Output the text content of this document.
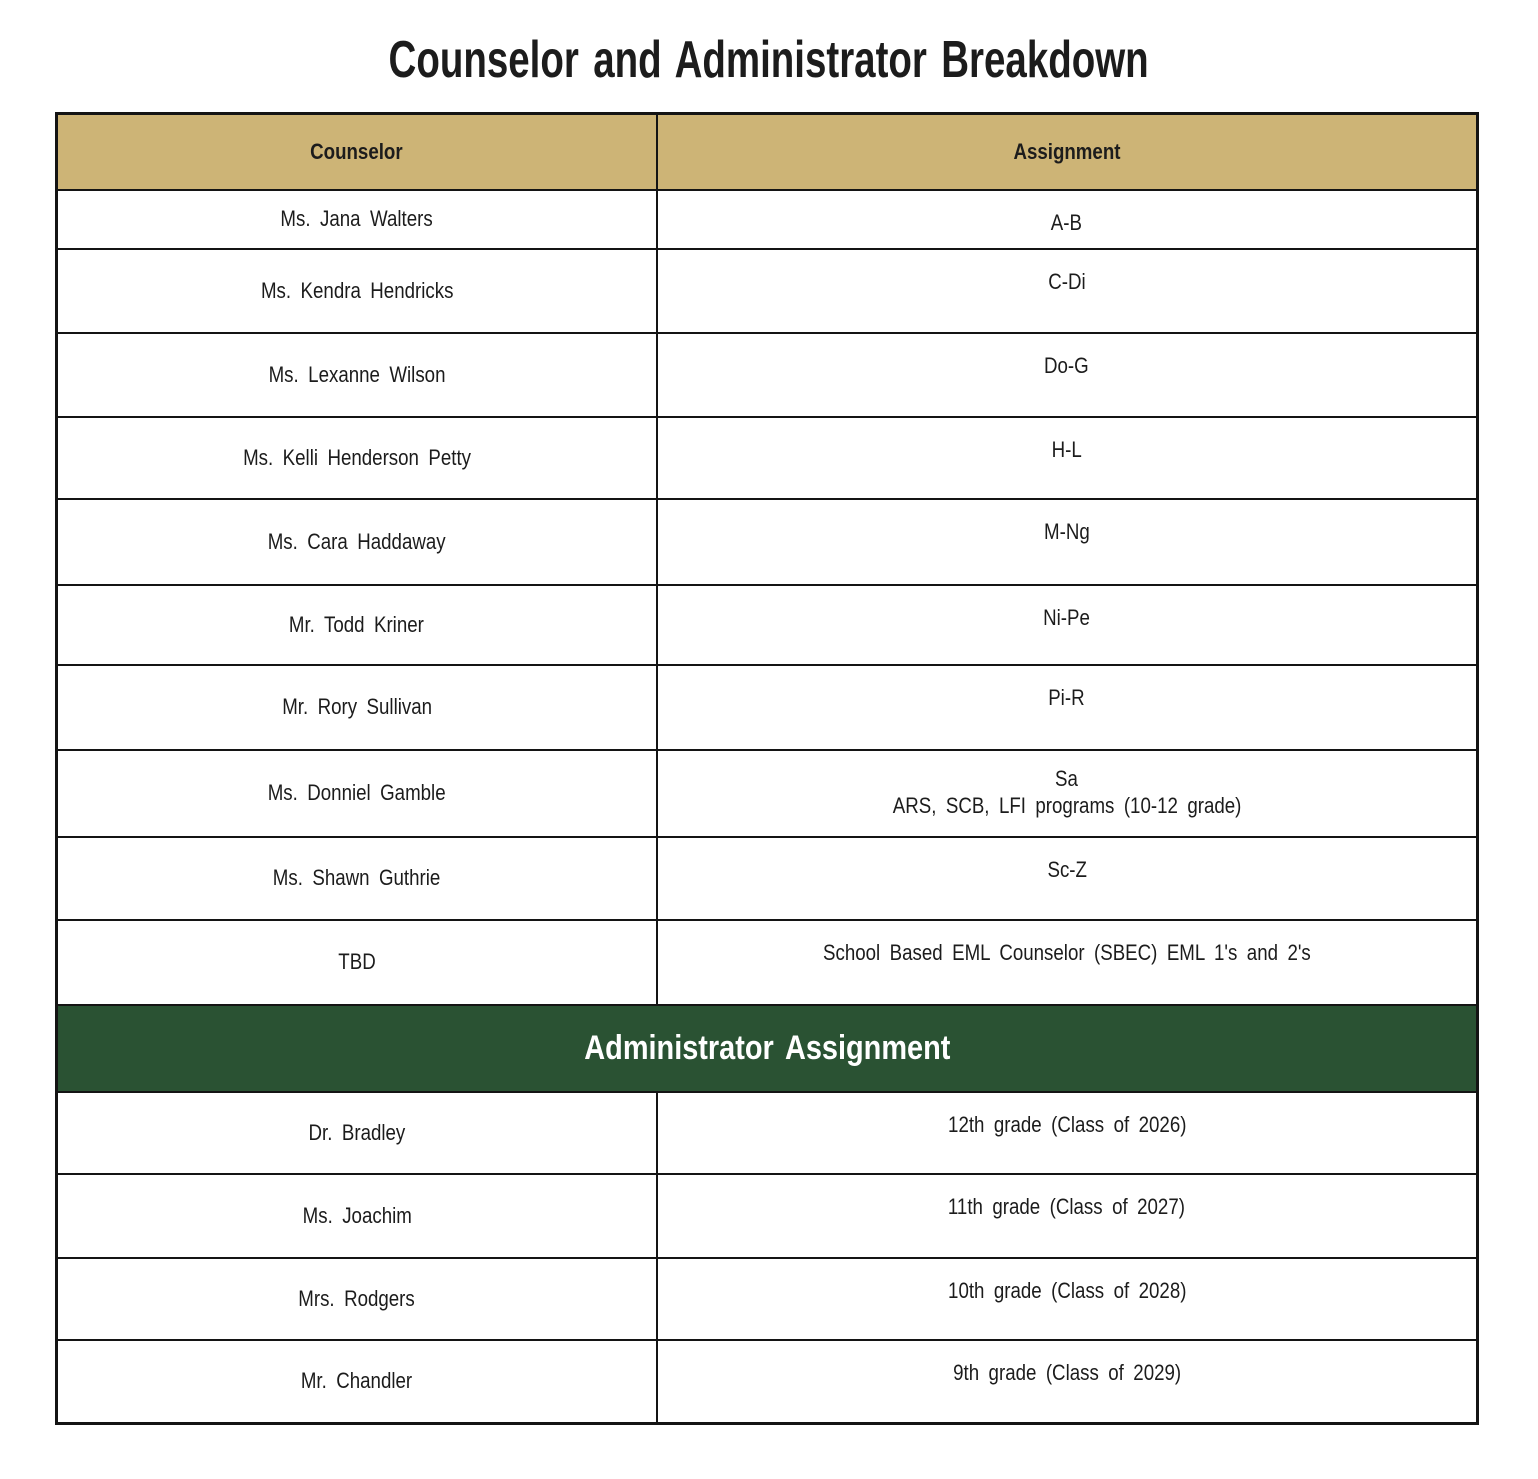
Counselor and Administrator Breakdown
Counselor	Assignment
Ms. Jana Walters	A-B
Ms. Kendra Hendricks	C-Di
Ms. Lexanne Wilson	Do-G
Ms. Kelli Henderson Petty	H-L
Ms. Cara Haddaway	M-Ng
Mr. Todd Kriner	Ni-Pe
Mr. Rory Sullivan	Pi-R
Ms. Donniel Gamble	Sa
ARS, SCB, LFI programs (10-12 grade)
Ms. Shawn Guthrie	Sc-Z
TBD	School Based EML Counselor (SBEC) EML 1's and 2's
Administrator Assignment	
Dr. Bradley	12th grade (Class of 2026)
Ms. Joachim	11th grade (Class of 2027)
Mrs. Rodgers	10th grade (Class of 2028)
Mr. Chandler	9th grade (Class of 2029)
